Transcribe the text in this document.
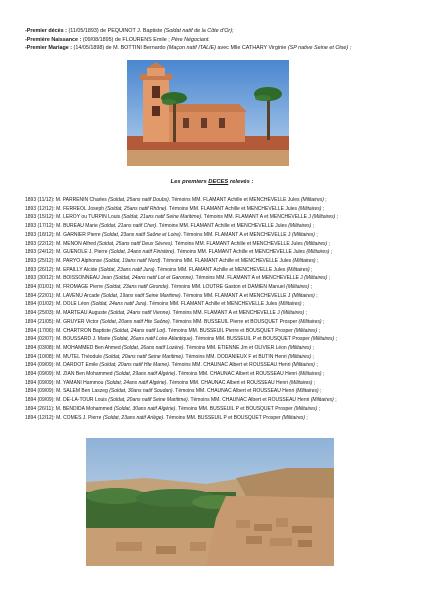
-Premier décès : (11/05/1893) de PEQUINOT J. Baptiste (Soldat natif de la Côte d'Or);
-Première Naissance : (09/08/1895) de FLOURENS Emile ; Père Négociant.
-Premier Mariage : (14/05/1898) de M. BOTTINI Bernardo (Maçon natif ITALIE) avec Mlle CATHARY Virginie (SP native Seine et Oise) ;
Les premiers DECES relevés :
1893 (11/12): M. PARRENIN Charles (Soldat, 25ans natif Doubs). Témoins MM. FLAMANT Achille et MENCHEVELLE Jules (Militaires) ;
1893 (12/12): M. FERREOL Joseph (Soldat, 25ans natif Rhône). Témoins MM. FLAMANT Achille et MENCHEVELLE Jules (Militaires) ;
1893 (15/12): M. LEROY ou TURPIN Louis (Soldat, 21ans natif Seine Maritime). Témoins MM. FLAMANT A et MENCHEVELLE J (Militaires) ;
1893 (17/12): M. BUREAU Marie (Soldat, 21ans natif Cher). Témoins MM. FLAMANT Achille et MENCHEVELLE Jules (Militaires) ;
1893 (18/12): M. GARNIER Pierre (Soldat, 23ans natif Saône et Loire). Témoins MM. FLAMANT A et MENCHEVELLE J (Militaires) ;
1893 (22/12): M. MENON Alfred (Soldat, 25ans natif Deux Sèvres). Témoins MM. FLAMANT Achille et MENCHEVELLE Jules (Militaires) ;
1893 (24/12): M. GUENOLE J. Pierre (Soldat, 24ans natif Finistère). Témoins MM. FLAMANT Achille et MENCHEVELLE Jules (Militaires) ;
1893 (25/12): M. PARYO Alphonse (Soldat, 19ans natif Nord). Témoins MM. FLAMANT Achille et MENCHEVELLE Jules (Militaires) ;
1893 (26/12): M. EPAILLY Alcide (Soldat, 23ans natif Jura). Témoins MM. FLAMANT Achille et MENCHEVELLE Jules (Militaires) ;
1893 (30/12): M. BOISSONNEAU Jean (Soldat, 24ans natif Lot et Garonne). Témoins MM. FLAMANT A et MENCHEVELLE J (Militaires) ;
1894 (01/01): M. FROMAGE Pierre (Soldat, 23ans natif Gironde). Témoins MM. LOUTRE Gaston et DAMIEN Manuel (Militaires) ;
1894 (22/01): M. LAVENU Arcade (Soldat, 19ans natif Seine Maritime). Témoins MM. FLAMANT A et MENCHEVELLE J (Militaires) ;
1894 (01/02): M. DOLE Léon (Soldat, 24ans natif Jura). Témoins MM. FLAMANT Achille et MENCHEVELLE Jules (Militaires) ;
1894 (25/03): M. MARTEAU Auguste (Soldat, 24ans natif Vienne). Témoins MM. FLAMANT A et MENCHEVELLE J (Militaires) ;
1894 (21/05): M. GRUYER Victor (Soldat, 20ans natif Hte Saône). Témoins MM. BUSSEUIL Pierre et BOUSQUET Prosper (Militaires) ;
1894 (17/06): M. CHARTRON Baptiste (Soldat, 24ans natif Lot). Témoins MM. BUSSEUIL Pierre et BOUSQUET Prosper (Militaires) ;
1894 (02/07): M. BOUSSARD J. Marie (Soldat, 26ans natif Loire Atlantique). Témoins MM. BUSSEUIL P et BOUSQUET Prosper (Militaires) ;
1894 (03/08): M. MOHAMMED Ben Ahmed (Soldat, 26ans natif Lozère). Témoins MM. ETIENNE Jm et OLIVIER Léon (Militaires) ;
1894 (10/08): M. MUTEL Théodule (Soldat, 20ans natif Seine Maritime). Témoins MM. DODANIEUX F et BUTIN Henri (Militaires) ;
1894 (09/09): M. DARDOT Emile (Soldat, 20ans natif Hte Marne). Témoins MM. CHAUNAC Albert et ROUSSEAU Henri (Militaires) ;
1894 (09/09): M. ZIAN Ben Mohammed (Soldat, 29ans natif Algérie). Témoins MM. CHAUNAC Albert et ROUSSEAU Henri (Militaires) ;
1894 (09/09): M. YAMANI Hammou (Soldat, 24ans natif Algérie). Témoins MM. CHAUNAC Albert et ROUSSEAU Henri (Militaires) ;
1894 (09/09): M. SALEM Ben Laszeg (Soldat, 30ans natif Soudan). Témoins MM. CHAUNAC Albert et ROUSSEAU Henri (Militaires) ;
1894 (09/09): M. DE-LA-TOUR Louis (Soldat, 20ans natif Seine Maritime). Témoins MM. CHAUNAC Albert et ROUSSEAU Henri (Militaires) ;
1894 (26/11): M. BENDIDA Mohammed (Soldat, 30ans natif Algérie). Témoins MM. BUSSEUIL P et BOUSQUET Prosper (Militaires) ;
1894 (12/12): M. COMES J. Pierre (Soldat, 23ans natif Ariège). Témoins MM. BUSSEUIL P et BOUSQUET Prosper (Militaires) ;
